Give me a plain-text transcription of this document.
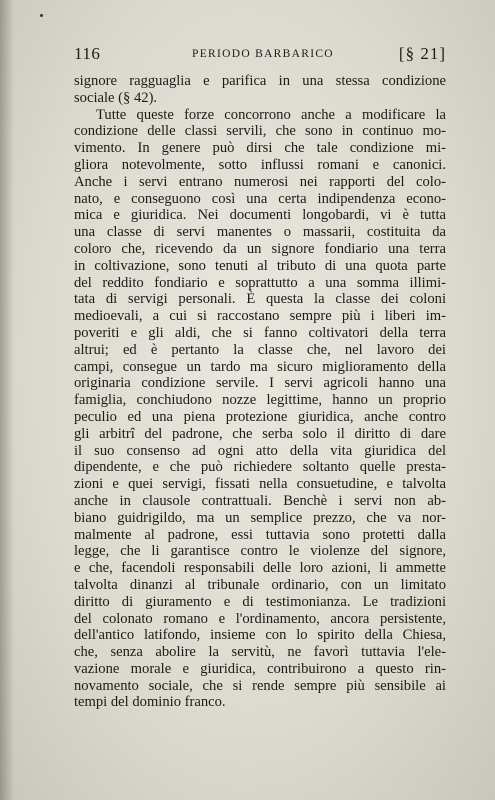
116	PERIODO BARBARICO	[§ 21]
signore ragguaglia e parifica in una stessa condizione
sociale (§ 42).
Tutte queste forze concorrono anche a modificare la
condizione delle classi servili, che sono in continuo mo-
vimento. In genere può dirsi che tale condizione mi-
gliora notevolmente, sotto influssi romani e canonici.
Anche i servi entrano numerosi nei rapporti del colo-
nato, e conseguono così una certa indipendenza econo-
mica e giuridica. Nei documenti longobardi, vi è tutta
una classe di servi manentes o massarii, costituita da
coloro che, ricevendo da un signore fondiario una terra
in coltivazione, sono tenuti al tributo di una quota parte
del reddito fondiario e soprattutto a una somma illimi-
tata di servigi personali. È questa la classe dei coloni
medioevali, a cui si raccostano sempre più i liberi im-
poveriti e gli aldi, che si fanno coltivatori della terra
altrui; ed è pertanto la classe che, nel lavoro dei
campi, consegue un tardo ma sicuro miglioramento della
originaria condizione servile. I servi agricoli hanno una
famiglia, conchiudono nozze legittime, hanno un proprio
peculio ed una piena protezione giuridica, anche contro
gli arbitrî del padrone, che serba solo il diritto di dare
il suo consenso ad ogni atto della vita giuridica del
dipendente, e che può richiedere soltanto quelle presta-
zioni e quei servigi, fissati nella consuetudine, e talvolta
anche in clausole contrattuali. Benchè i servi non ab-
biano guidrigildo, ma un semplice prezzo, che va nor-
malmente al padrone, essi tuttavia sono protetti dalla
legge, che li garantisce contro le violenze del signore,
e che, facendoli responsabili delle loro azioni, li ammette
talvolta dinanzi al tribunale ordinario, con un limitato
diritto di giuramento e di testimonianza. Le tradizioni
del colonato romano e l'ordinamento, ancora persistente,
dell'antico latifondo, insieme con lo spirito della Chiesa,
che, senza abolire la servitù, ne favorì tuttavia l'ele-
vazione morale e giuridica, contribuirono a questo rin-
novamento sociale, che si rende sempre più sensibile ai
tempi del dominio franco.
